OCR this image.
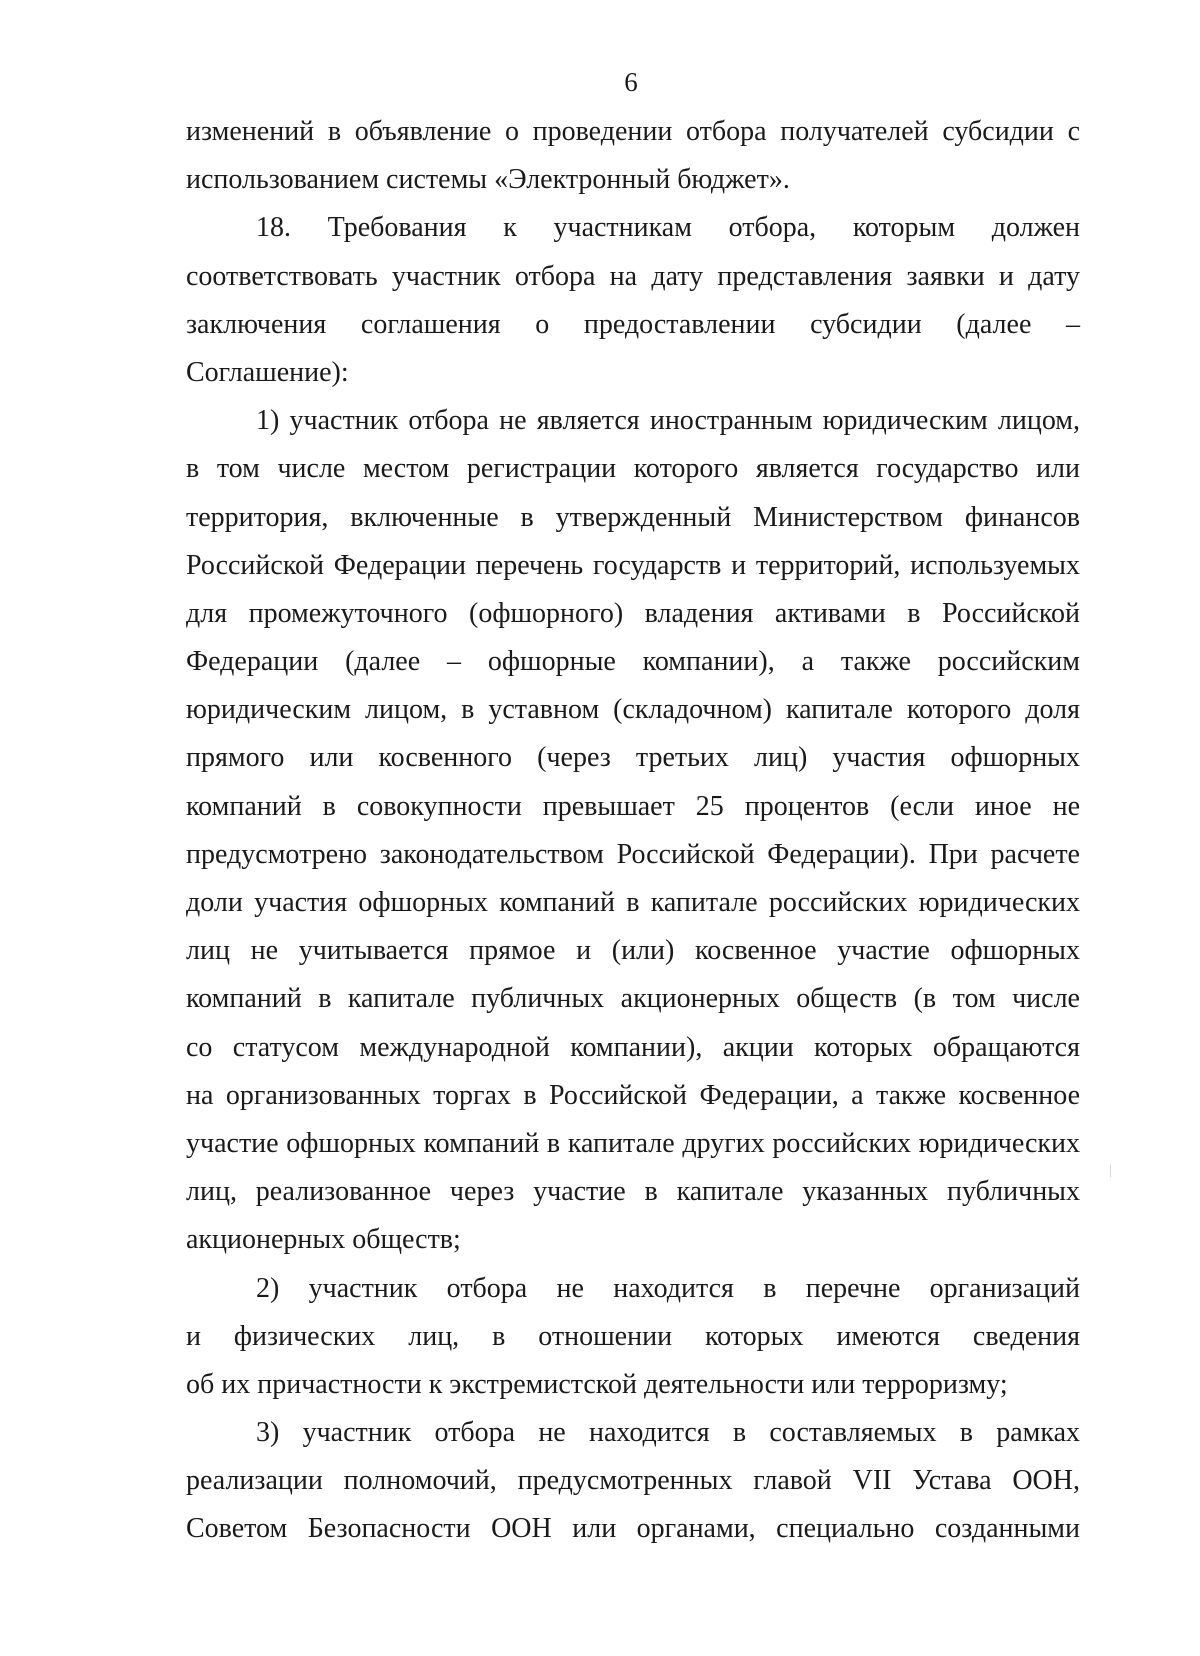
6
изменений в объявление о проведении отбора получателей субсидии с
использованием системы «Электронный бюджет».
18. Требования к участникам отбора, которым должен
соответствовать участник отбора на дату представления заявки и дату
заключения соглашения о предоставлении субсидии (далее –
Соглашение):
1) участник отбора не является иностранным юридическим лицом,
в том числе местом регистрации которого является государство или
территория, включенные в утвержденный Министерством финансов
Российской Федерации перечень государств и территорий, используемых
для промежуточного (офшорного) владения активами в Российской
Федерации (далее – офшорные компании), а также российским
юридическим лицом, в уставном (складочном) капитале которого доля
прямого или косвенного (через третьих лиц) участия офшорных
компаний в совокупности превышает 25 процентов (если иное не
предусмотрено законодательством Российской Федерации). При расчете
доли участия офшорных компаний в капитале российских юридических
лиц не учитывается прямое и (или) косвенное участие офшорных
компаний в капитале публичных акционерных обществ (в том числе
со статусом международной компании), акции которых обращаются
на организованных торгах в Российской Федерации, а также косвенное
участие офшорных компаний в капитале других российских юридических
лиц, реализованное через участие в капитале указанных публичных
акционерных обществ;
2) участник отбора не находится в перечне организаций
и физических лиц, в отношении которых имеются сведения
об их причастности к экстремистской деятельности или терроризму;
3) участник отбора не находится в составляемых в рамках
реализации полномочий, предусмотренных главой VII Устава ООН,
Советом Безопасности ООН или органами, специально созданными
